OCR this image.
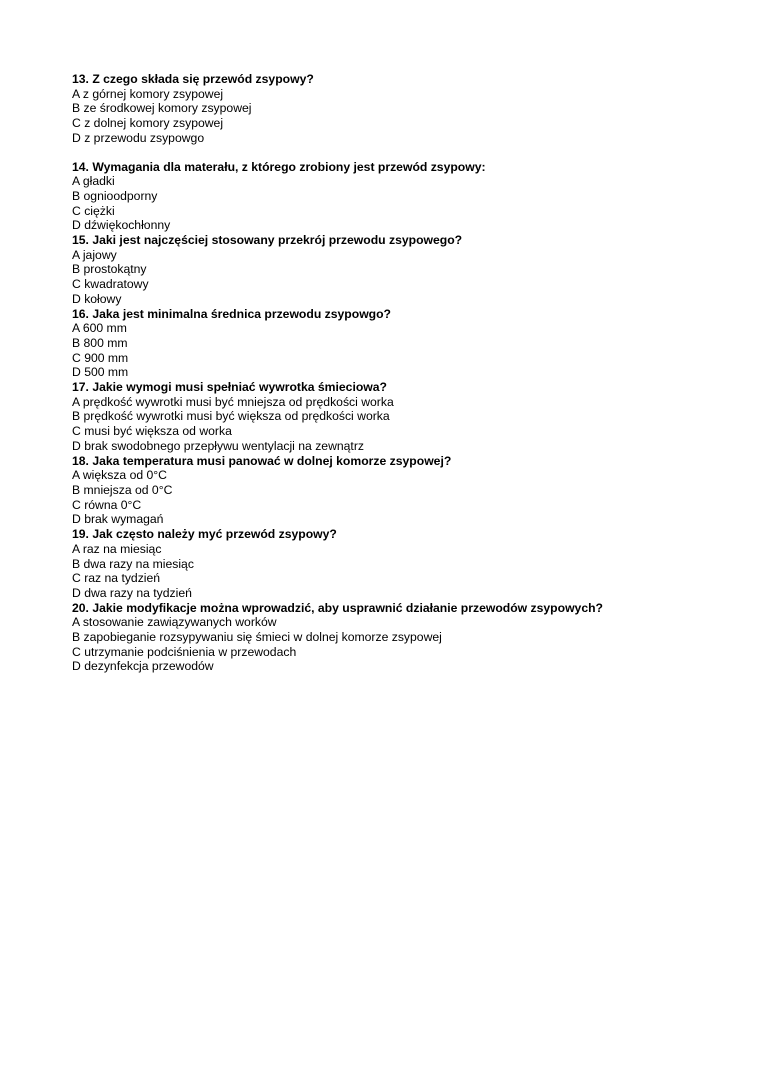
13. Z czego składa się przewód zsypowy?
A z górnej komory zsypowej
B ze środkowej komory zsypowej
C z dolnej komory zsypowej
D z przewodu zsypowgo
14. Wymagania dla materału, z którego zrobiony jest przewód zsypowy:
A gładki
B ognioodporny
C ciężki
D dźwiękochłonny
15. Jaki jest najczęściej stosowany przekrój przewodu zsypowego?
A jajowy
B prostokątny
C kwadratowy
D kołowy
16. Jaka jest minimalna średnica przewodu zsypowgo?
A 600 mm
B 800 mm
C 900 mm
D 500 mm
17. Jakie wymogi musi spełniać wywrotka śmieciowa?
A prędkość wywrotki musi być mniejsza od prędkości worka
B prędkość wywrotki musi być większa od prędkości worka
C musi być większa od worka
D brak swodobnego przepływu wentylacji na zewnątrz
18. Jaka temperatura musi panować w dolnej komorze zsypowej?
A większa od 0°C
B mniejsza od 0°C
C równa 0°C
D brak wymagań
19. Jak często należy myć przewód zsypowy?
A raz na miesiąc
B dwa razy na miesiąc
C raz na tydzień
D dwa razy na tydzień
20. Jakie modyfikacje można wprowadzić, aby usprawnić działanie przewodów zsypowych?
A stosowanie zawiązywanych worków
B zapobieganie rozsypywaniu się śmieci w dolnej komorze zsypowej
C utrzymanie podciśnienia w przewodach
D dezynfekcja przewodów
